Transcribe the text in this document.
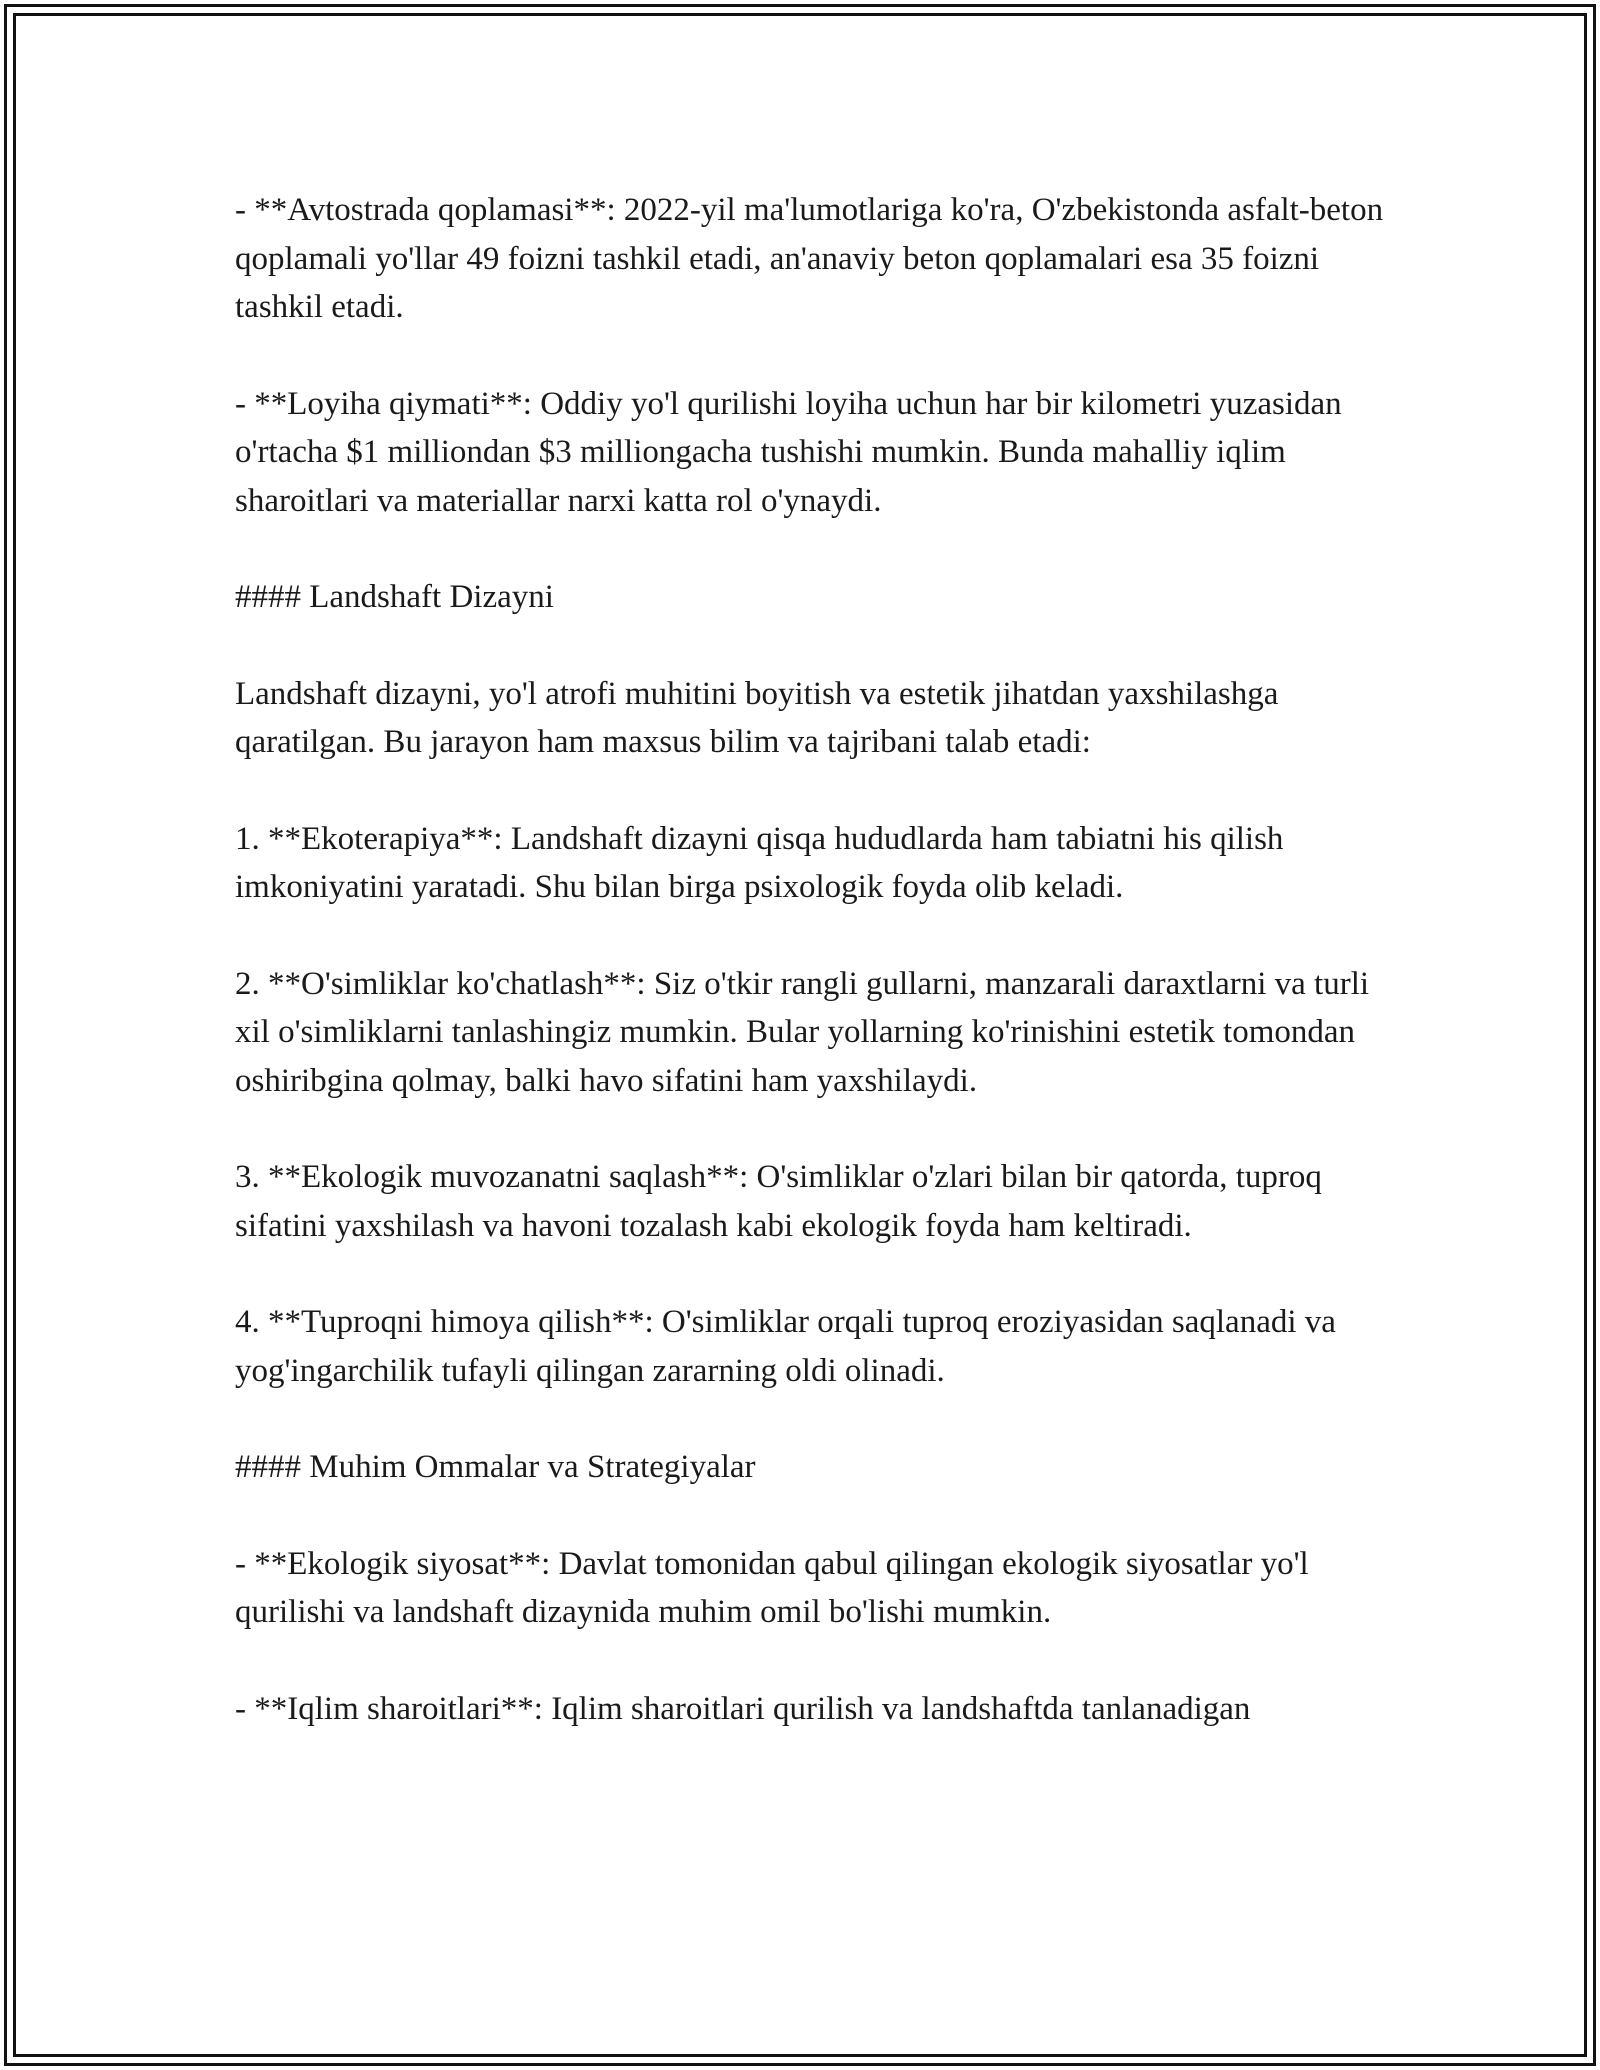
- **Avtostrada qoplamasi**: 2022-yil ma'lumotlariga ko'ra, O'zbekistonda asfalt-beton qoplamali yo'llar 49 foizni tashkil etadi, an'anaviy beton qoplamalari esa 35 foizni tashkil etadi.

- **Loyiha qiymati**: Oddiy yo'l qurilishi loyiha uchun har bir kilometri yuzasidan o'rtacha $1 milliondan $3 milliongacha tushishi mumkin. Bunda mahalliy iqlim sharoitlari va materiallar narxi katta rol o'ynaydi.

#### Landshaft Dizayni

Landshaft dizayni, yo'l atrofi muhitini boyitish va estetik jihatdan yaxshilashga qaratilgan. Bu jarayon ham maxsus bilim va tajribani talab etadi:

1. **Ekoterapiya**: Landshaft dizayni qisqa hududlarda ham tabiatni his qilish imkoniyatini yaratadi. Shu bilan birga psixologik foyda olib keladi.

2. **O'simliklar ko'chatlash**: Siz o'tkir rangli gullarni, manzarali daraxtlarni va turli xil o'simliklarni tanlashingiz mumkin. Bular yollarning ko'rinishini estetik tomondan oshiribgina qolmay, balki havo sifatini ham yaxshilaydi.

3. **Ekologik muvozanatni saqlash**: O'simliklar o'zlari bilan bir qatorda, tuproq sifatini yaxshilash va havoni tozalash kabi ekologik foyda ham keltiradi.

4. **Tuproqni himoya qilish**: O'simliklar orqali tuproq eroziyasidan saqlanadi va yog'ingarchilik tufayli qilingan zararning oldi olinadi.

#### Muhim Ommalar va Strategiyalar

- **Ekologik siyosat**: Davlat tomonidan qabul qilingan ekologik siyosatlar yo'l qurilishi va landshaft dizaynida muhim omil bo'lishi mumkin.

- **Iqlim sharoitlari**: Iqlim sharoitlari qurilish va landshaftda tanlanadigan
